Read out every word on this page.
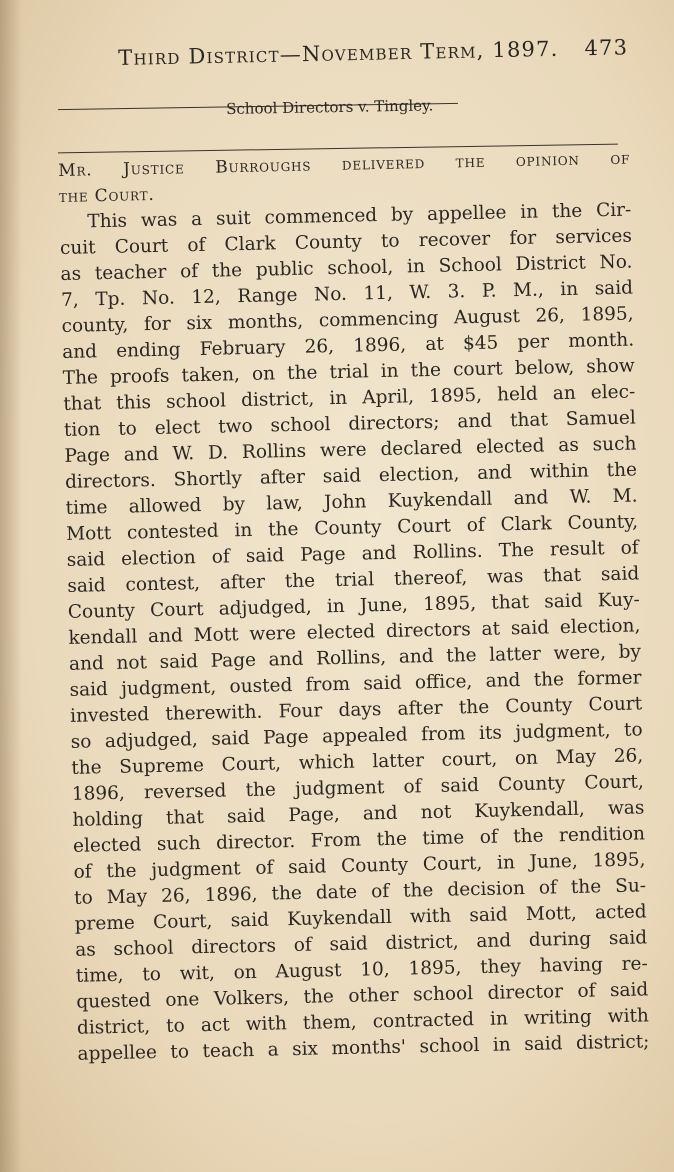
Third District—November Term, 1897. 473
School Directors v. Tingley.
Mr. Justice Burroughs delivered the opinion of
the Court.
This was a suit commenced by appellee in the Cir-
cuit Court of Clark County to recover for services
as teacher of the public school, in School District No.
7, Tp. No. 12, Range No. 11, W. 3. P. M., in said
county, for six months, commencing August 26, 1895,
and ending February 26, 1896, at $45 per month.
The proofs taken, on the trial in the court below, show
that this school district, in April, 1895, held an elec-
tion to elect two school directors; and that Samuel
Page and W. D. Rollins were declared elected as such
directors. Shortly after said election, and within the
time allowed by law, John Kuykendall and W. M.
Mott contested in the County Court of Clark County,
said election of said Page and Rollins. The result of
said contest, after the trial thereof, was that said
County Court adjudged, in June, 1895, that said Kuy-
kendall and Mott were elected directors at said election,
and not said Page and Rollins, and the latter were, by
said judgment, ousted from said office, and the former
invested therewith. Four days after the County Court
so adjudged, said Page appealed from its judgment, to
the Supreme Court, which latter court, on May 26,
1896, reversed the judgment of said County Court,
holding that said Page, and not Kuykendall, was
elected such director. From the time of the rendition
of the judgment of said County Court, in June, 1895,
to May 26, 1896, the date of the decision of the Su-
preme Court, said Kuykendall with said Mott, acted
as school directors of said district, and during said
time, to wit, on August 10, 1895, they having re-
quested one Volkers, the other school director of said
district, to act with them, contracted in writing with
appellee to teach a six months' school in said district;
